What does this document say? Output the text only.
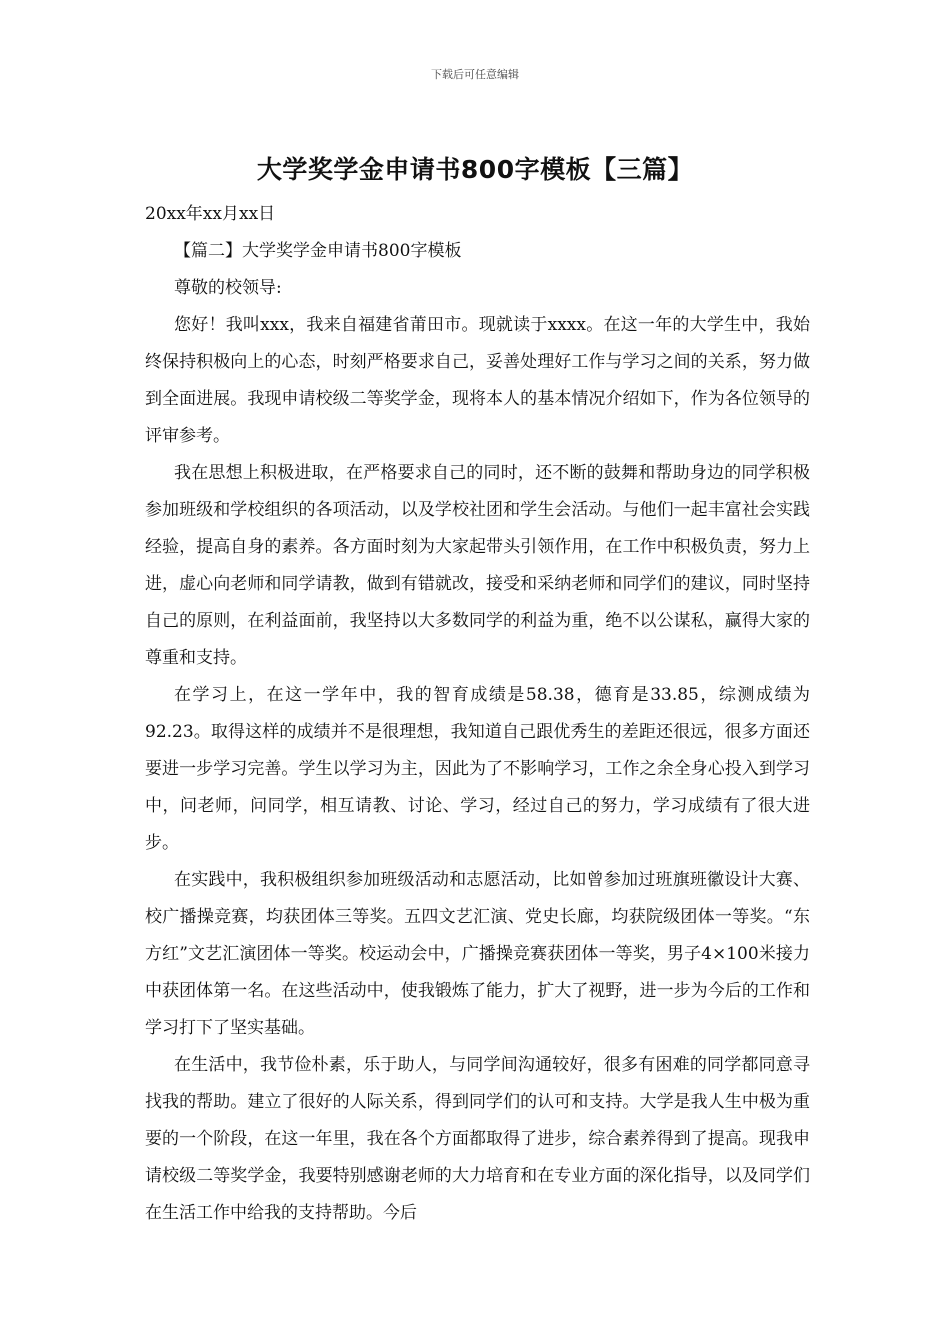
下载后可任意编辑
大学奖学金申请书800字模板【三篇】

20xx年xx月xx日

【篇二】大学奖学金申请书800字模板

尊敬的校领导:

您好！我叫xxx，我来自福建省莆田市。现就读于xxxx。在这一年的大学生中，我始终保持积极向上的心态，时刻严格要求自己，妥善处理好工作与学习之间的关系，努力做到全面进展。我现申请校级二等奖学金，现将本人的基本情况介绍如下，作为各位领导的评审参考。

我在思想上积极进取，在严格要求自己的同时，还不断的鼓舞和帮助身边的同学积极参加班级和学校组织的各项活动，以及学校社团和学生会活动。与他们一起丰富社会实践经验，提高自身的素养。各方面时刻为大家起带头引领作用，在工作中积极负责，努力上进，虚心向老师和同学请教，做到有错就改，接受和采纳老师和同学们的建议，同时坚持自己的原则，在利益面前，我坚持以大多数同学的利益为重，绝不以公谋私，赢得大家的尊重和支持。

在学习上，在这一学年中，我的智育成绩是58.38，德育是33.85，综测成绩为92.23。取得这样的成绩并不是很理想，我知道自己跟优秀生的差距还很远，很多方面还要进一步学习完善。学生以学习为主，因此为了不影响学习，工作之余全身心投入到学习中，问老师，问同学，相互请教、讨论、学习，经过自己的努力，学习成绩有了很大进步。

在实践中，我积极组织参加班级活动和志愿活动，比如曾参加过班旗班徽设计大赛、校广播操竞赛，均获团体三等奖。五四文艺汇演、党史长廊，均获院级团体一等奖。“东方红”文艺汇演团体一等奖。校运动会中，广播操竞赛获团体一等奖，男子4×100米接力中获团体第一名。在这些活动中，使我锻炼了能力，扩大了视野，进一步为今后的工作和学习打下了坚实基础。

在生活中，我节俭朴素，乐于助人，与同学间沟通较好，很多有困难的同学都同意寻找我的帮助。建立了很好的人际关系，得到同学们的认可和支持。大学是我人生中极为重要的一个阶段，在这一年里，我在各个方面都取得了进步，综合素养得到了提高。现我申请校级二等奖学金，我要特别感谢老师的大力培育和在专业方面的深化指导，以及同学们在生活工作中给我的支持帮助。今后
